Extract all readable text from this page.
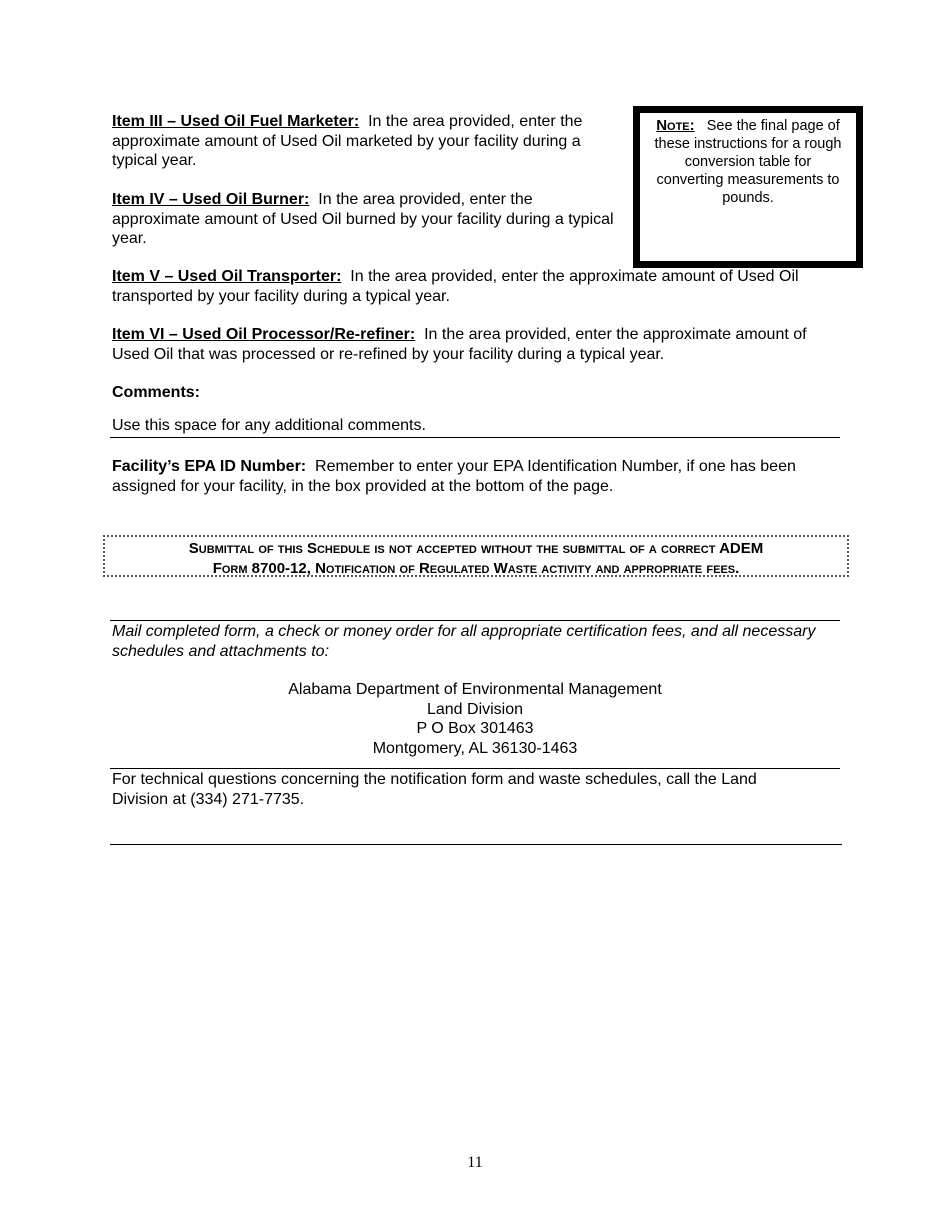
Item III – Used Oil Fuel Marketer: In the area provided, enter the approximate amount of Used Oil marketed by your facility during a typical year.

Item IV – Used Oil Burner: In the area provided, enter the approximate amount of Used Oil burned by your facility during a typical year.

Note: See the final page of these instructions for a rough conversion table for converting measurements to pounds.

Item V – Used Oil Transporter: In the area provided, enter the approximate amount of Used Oil transported by your facility during a typical year.

Item VI – Used Oil Processor/Re-refiner: In the area provided, enter the approximate amount of Used Oil that was processed or re-refined by your facility during a typical year.

Comments:

Use this space for any additional comments.

Facility’s EPA ID Number: Remember to enter your EPA Identification Number, if one has been assigned for your facility, in the box provided at the bottom of the page.

Submittal of this Schedule is not accepted without the submittal of a correct ADEM
Form 8700-12, Notification of Regulated Waste activity and appropriate fees.

Mail completed form, a check or money order for all appropriate certification fees, and all necessary schedules and attachments to:

Alabama Department of Environmental Management
Land Division
P O Box 301463
Montgomery, AL 36130-1463

For technical questions concerning the notification form and waste schedules, call the Land Division at (334) 271-7735.

11
